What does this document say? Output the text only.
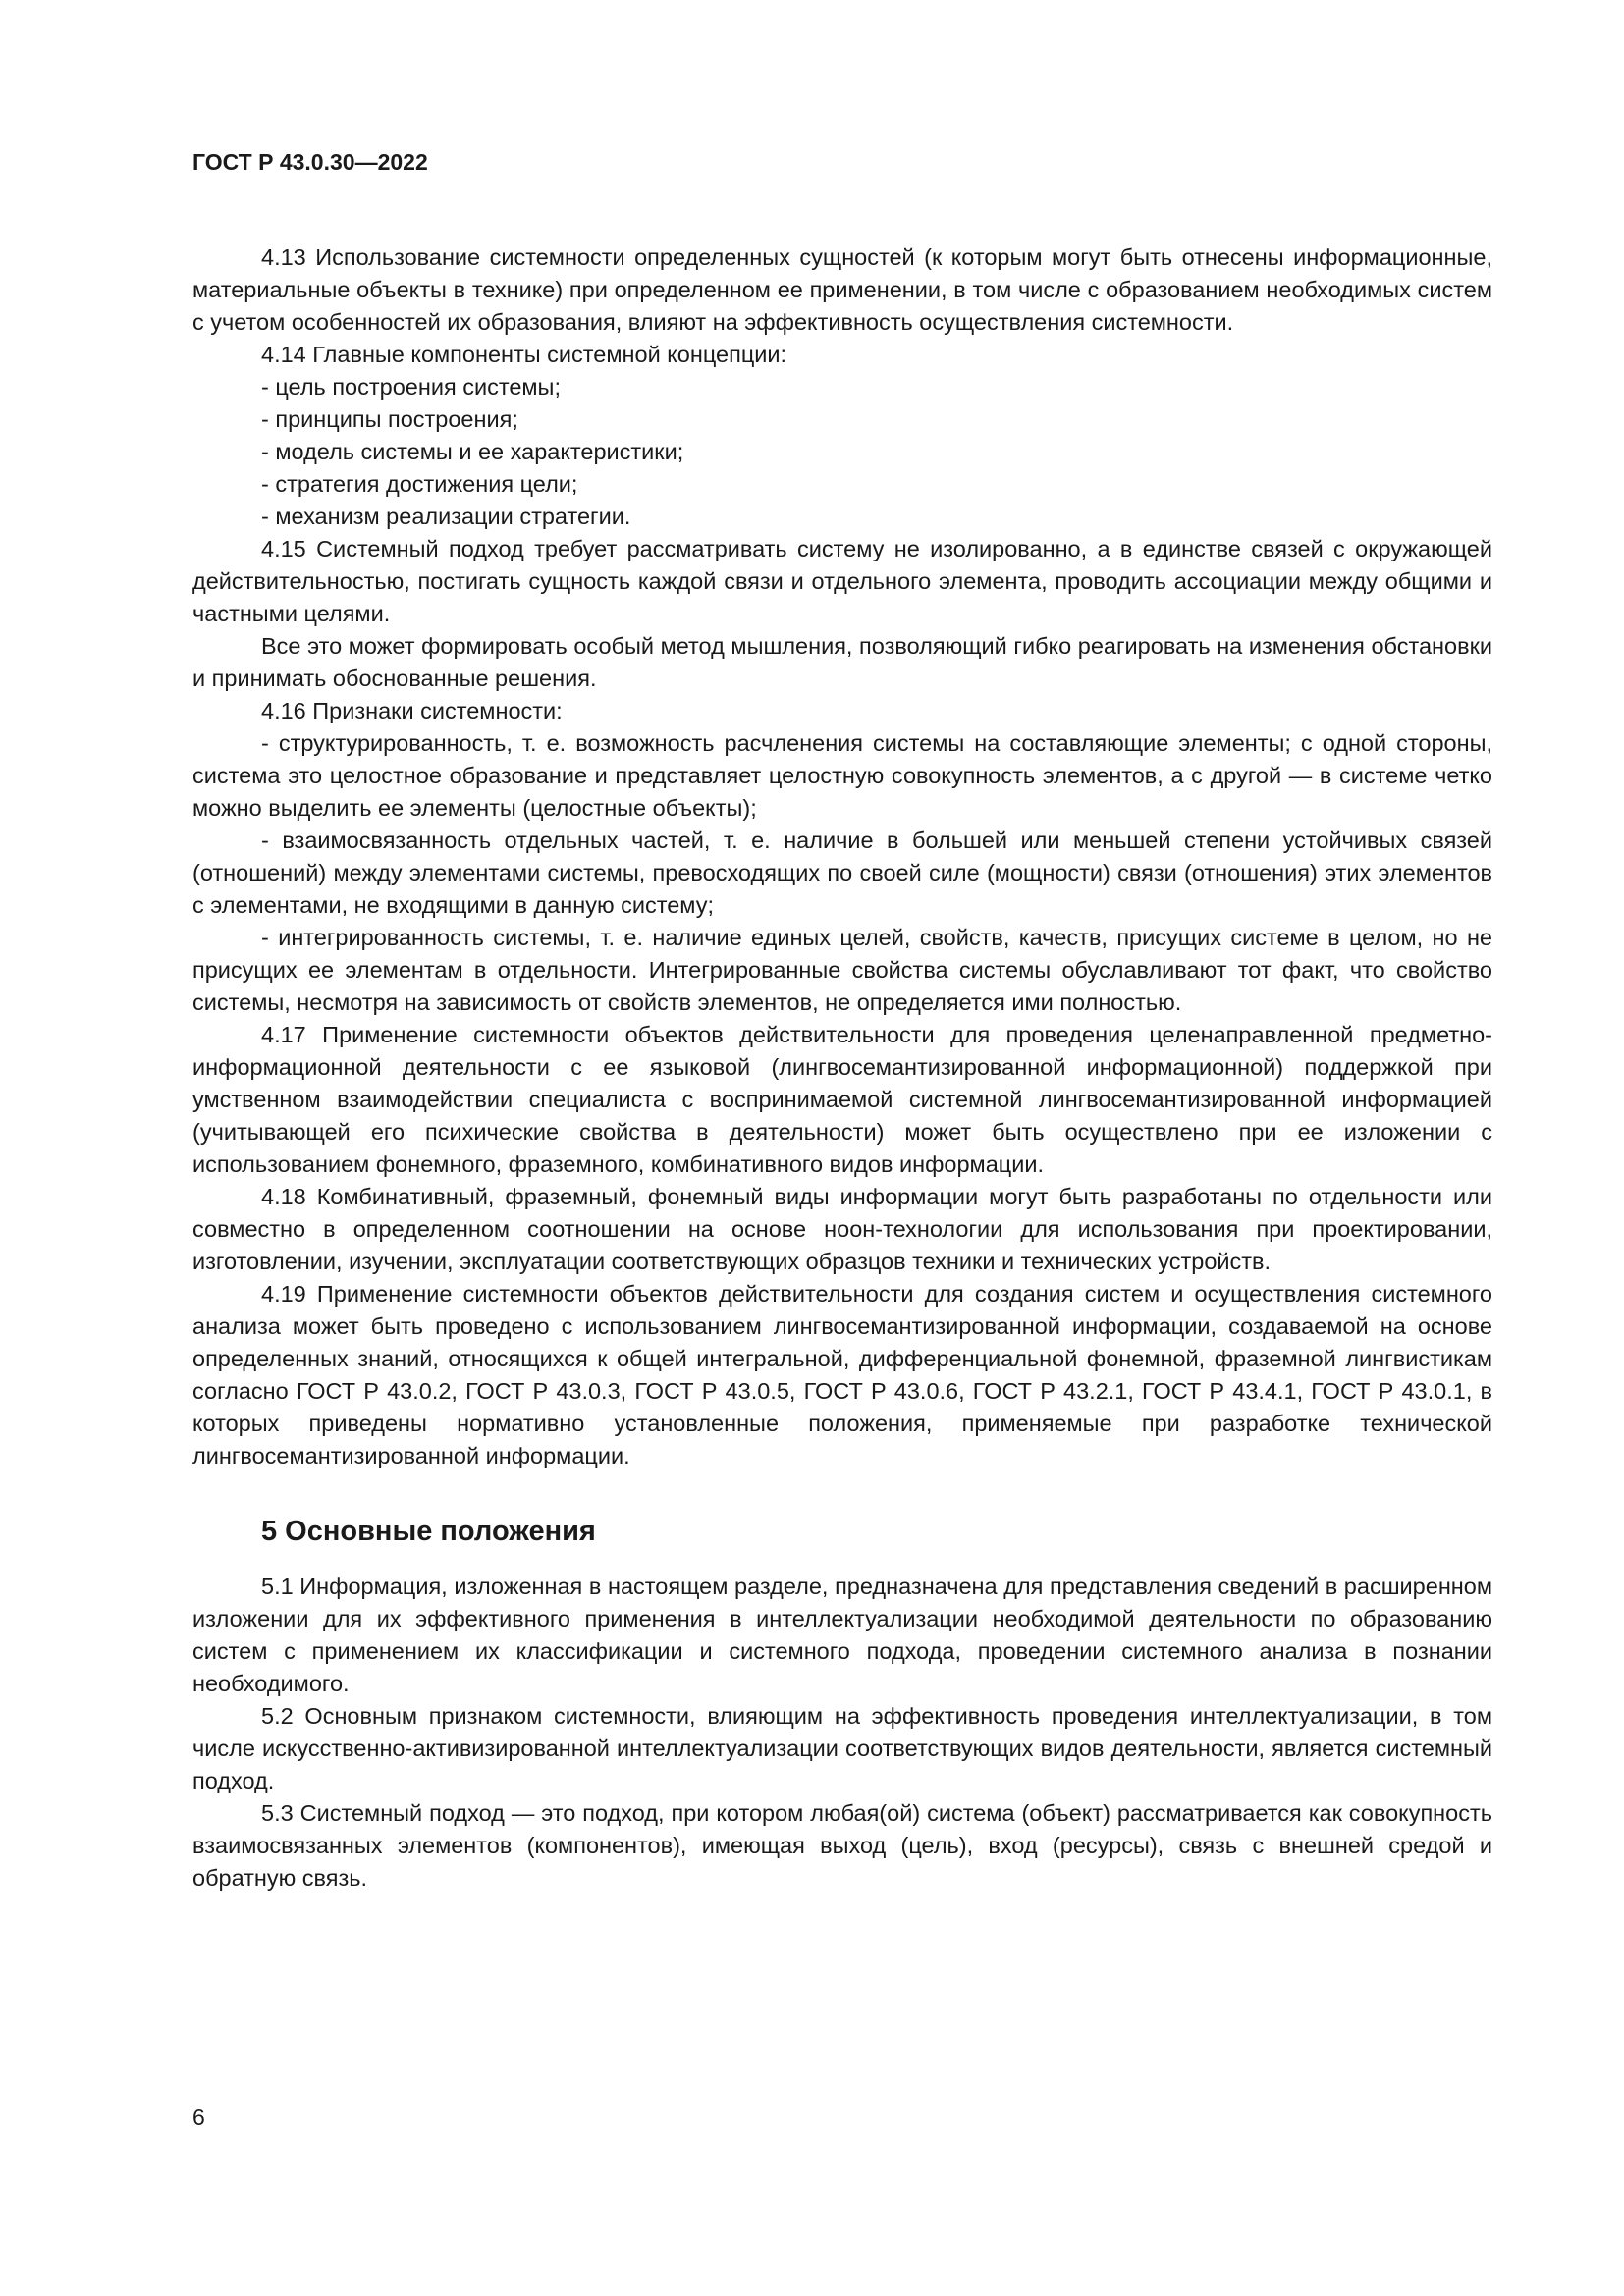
ГОСТ Р 43.0.30—2022

4.13 Использование системности определенных сущностей (к которым могут быть отнесены информационные, материальные объекты в технике) при определенном ее применении, в том числе с образованием необходимых систем с учетом особенностей их образования, влияют на эффективность осуществления системности.

4.14 Главные компоненты системной концепции:

- цель построения системы;

- принципы построения;

- модель системы и ее характеристики;

- стратегия достижения цели;

- механизм реализации стратегии.

4.15 Системный подход требует рассматривать систему не изолированно, а в единстве связей с окружающей действительностью, постигать сущность каждой связи и отдельного элемента, проводить ассоциации между общими и частными целями.

Все это может формировать особый метод мышления, позволяющий гибко реагировать на изменения обстановки и принимать обоснованные решения.

4.16 Признаки системности:

- структурированность, т. е. возможность расчленения системы на составляющие элементы; с одной стороны, система это целостное образование и представляет целостную совокупность элементов, а с другой — в системе четко можно выделить ее элементы (целостные объекты);

- взаимосвязанность отдельных частей, т. е. наличие в большей или меньшей степени устойчивых связей (отношений) между элементами системы, превосходящих по своей силе (мощности) связи (отношения) этих элементов с элементами, не входящими в данную систему;

- интегрированность системы, т. е. наличие единых целей, свойств, качеств, присущих системе в целом, но не присущих ее элементам в отдельности. Интегрированные свойства системы обуславливают тот факт, что свойство системы, несмотря на зависимость от свойств элементов, не определяется ими полностью.

4.17 Применение системности объектов действительности для проведения целенаправленной предметно-информационной деятельности с ее языковой (лингвосемантизированной информационной) поддержкой при умственном взаимодействии специалиста с воспринимаемой системной лингвосемантизированной информацией (учитывающей его психические свойства в деятельности) может быть осуществлено при ее изложении с использованием фонемного, фраземного, комбинативного видов информации.

4.18 Комбинативный, фраземный, фонемный виды информации могут быть разработаны по отдельности или совместно в определенном соотношении на основе ноон-технологии для использования при проектировании, изготовлении, изучении, эксплуатации соответствующих образцов техники и технических устройств.

4.19 Применение системности объектов действительности для создания систем и осуществления системного анализа может быть проведено с использованием лингвосемантизированной информации, создаваемой на основе определенных знаний, относящихся к общей интегральной, дифференциальной фонемной, фраземной лингвистикам согласно ГОСТ Р 43.0.2, ГОСТ Р 43.0.3, ГОСТ Р 43.0.5, ГОСТ Р 43.0.6, ГОСТ Р 43.2.1, ГОСТ Р 43.4.1, ГОСТ Р 43.0.1, в которых приведены нормативно установленные положения, применяемые при разработке технической лингвосемантизированной информации.

5 Основные положения

5.1 Информация, изложенная в настоящем разделе, предназначена для представления сведений в расширенном изложении для их эффективного применения в интеллектуализации необходимой деятельности по образованию систем с применением их классификации и системного подхода, проведении системного анализа в познании необходимого.

5.2 Основным признаком системности, влияющим на эффективность проведения интеллектуализации, в том числе искусственно-активизированной интеллектуализации соответствующих видов деятельности, является системный подход.

5.3 Системный подход — это подход, при котором любая(ой) система (объект) рассматривается как совокупность взаимосвязанных элементов (компонентов), имеющая выход (цель), вход (ресурсы), связь с внешней средой и обратную связь.

6
